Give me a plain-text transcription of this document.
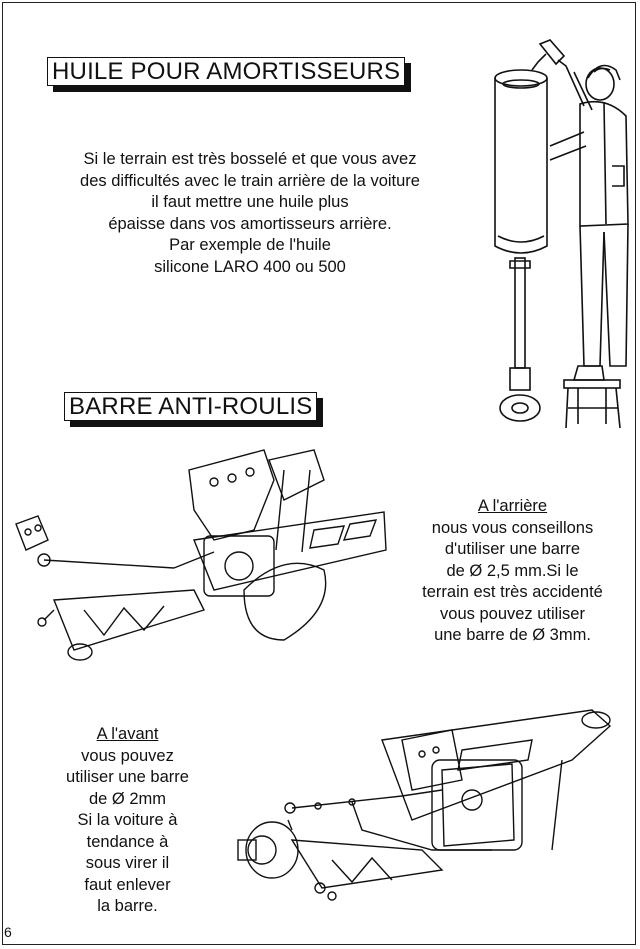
HUILE POUR AMORTISSEURS
Si le terrain est très bosselé et que vous avez
des difficultés avec le train arrière de la voiture
il faut mettre une huile plus
épaisse dans vos amortisseurs arrière.
Par exemple de l'huile
silicone LARO 400 ou 500
BARRE ANTI-ROULIS
A l'arrière
nous vous conseillons
d'utiliser une barre
de Ø 2,5 mm.Si le
terrain est très accidenté
vous pouvez utiliser
une barre de Ø 3mm.
A l'avant
vous pouvez
utiliser une barre
de Ø 2mm
Si la voiture à
tendance à
sous virer il
faut enlever
la barre.
6
